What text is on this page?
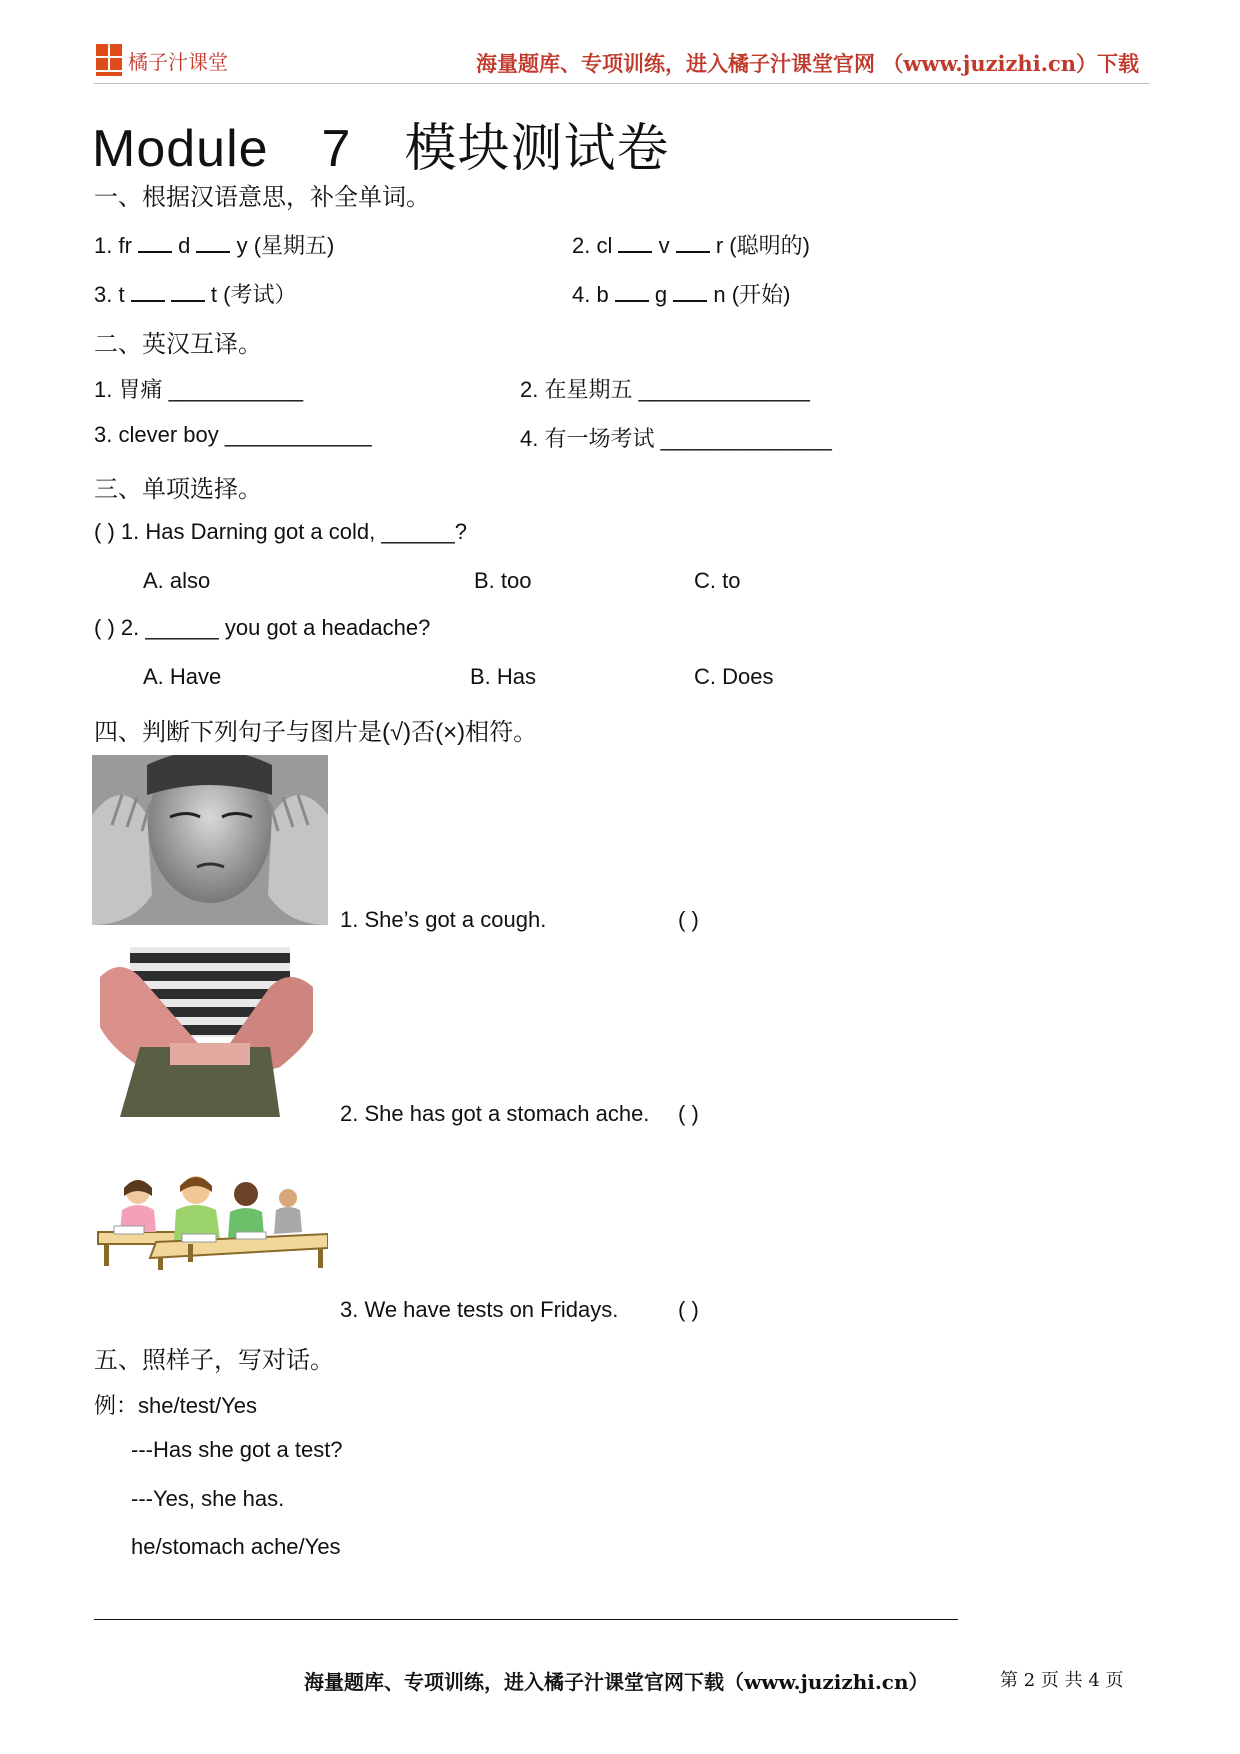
橘子汁课堂	海量题库、专项训练，进入橘子汁课堂官网 （www.juzizhi.cn）下载
Module　7　模块测试卷
一、根据汉语意思，补全单词。
1. fr  d  y (星期五)	2. cl  v  r (聪明的)
3. t	t (考试）	4. b  g  n (开始)
二、英汉互译。
1. 胃痛 ___________	2. 在星期五 ______________
3. clever boy ____________	4. 有一场考试 ______________
三、单项选择。
( ) 1. Has Darning got a cold, ______?
A. also	B. too	C. to
( ) 2. ______ you got a headache?
A. Have	B. Has	C. Does
四、判断下列句子与图片是(√)否(×)相符。
1. She’s got a cough.	( )
2. She has got a stomach ache. ( )
3. We have tests on Fridays.	( )
五、照样子，写对话。
例：she/test/Yes
---Has she got a test?
---Yes, she has.
he/stomach ache/Yes
海量题库、专项训练，进入橘子汁课堂官网下载（www.juzizhi.cn）	第 2 页 共 4 页
